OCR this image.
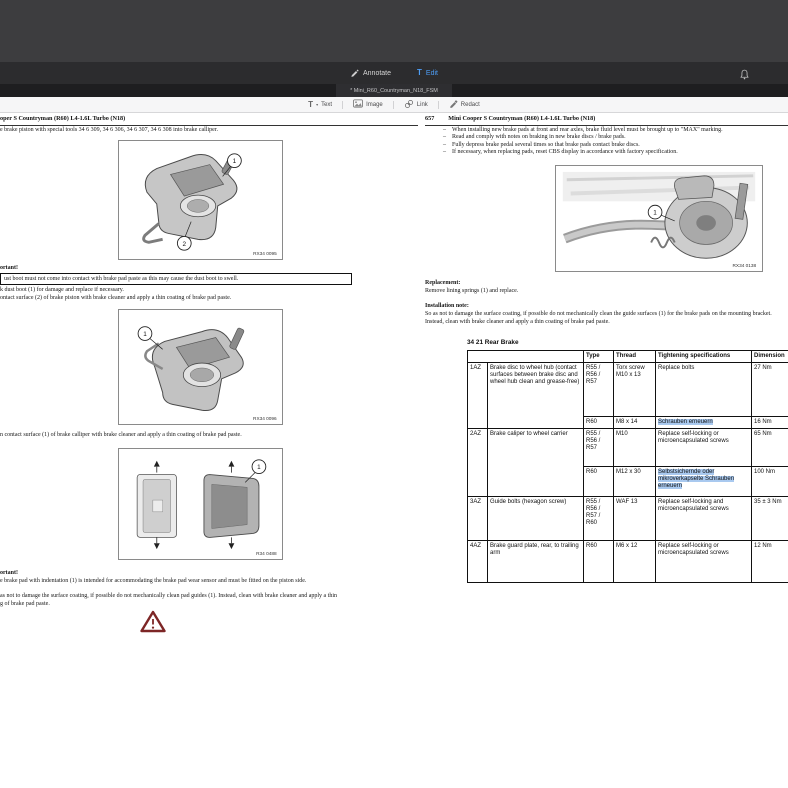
Annotate	T Edit
* Mini_R60_Countryman_N18_FSM
T ▾ Text	Image	Link	Redact
oper S Countryman (R60) L4-1.6L Turbo (N18)
e brake piston with special tools 34 6 309, 34 6 306, 34 6 307, 34 6 308 into brake calliper.
1
2
RX34 0095
ortant!
ust boot must not come into contact with brake pad paste as this may cause the dust boot to swell.
k dust boot (1) for damage and replace if necessary.
ontact surface (2) of brake piston with brake cleaner and apply a thin coating of brake pad paste.
1
RX34 0096
n contact surface (1) of brake calliper with brake cleaner and apply a thin coating of brake pad paste.
1
R34 0488
ortant!
e brake pad with indentation (1) is intended for accommodating the brake pad wear sensor and must be fitted on the piston side.
as not to damage the surface coating, if possible do not mechanically clean pad guides (1). Instead, clean with brake cleaner and apply a thin
g of brake pad paste.
657 Mini Cooper S Countryman (R60) L4-1.6L Turbo (N18)
–	When installing new brake pads at front and rear axles, brake fluid level must be brought up to "MAX" marking.
–	Read and comply with notes on braking in new brake discs / brake pads.
–	Fully depress brake pedal several times so that brake pads contact brake discs.
–	If necessary, when replacing pads, reset CBS display in accordance with factory specification.
1
RX34 0138
Replacement:
Remove lining springs (1) and replace.
Installation note:
So as not to damage the surface coating, if possible do not mechanically clean the guide surfaces (1) for the brake pads on the mounting bracket. Instead, clean with brake cleaner and apply a thin coating of brake pad paste.
34 21 Rear Brake
		Type	Thread	Tightening specifications	Dimension
1AZ	Brake disc to wheel hub (contact surfaces between brake disc and wheel hub clean and grease-free)	R55 / R56 / R57	Torx screw M10 x 13	Replace bolts	27 Nm
		R60	M8 x 14	Schrauben erneuern	16 Nm
2AZ	Brake caliper to wheel carrier	R55 / R56 / R57	M10	Replace self-locking or microencapsulated screws	65 Nm
		R60	M12 x 30	Selbstsichernde oder mikroverkapselte Schrauben erneuern	100 Nm
3AZ	Guide bolts (hexagon screw)	R55 / R56 / R57 / R60	WAF 13	Replace self-locking and microencapsulated screws	35 ± 3 Nm
4AZ	Brake guard plate, rear, to trailing arm	R60	M6 x 12	Replace self-locking or microencapsulated screws	12 Nm
